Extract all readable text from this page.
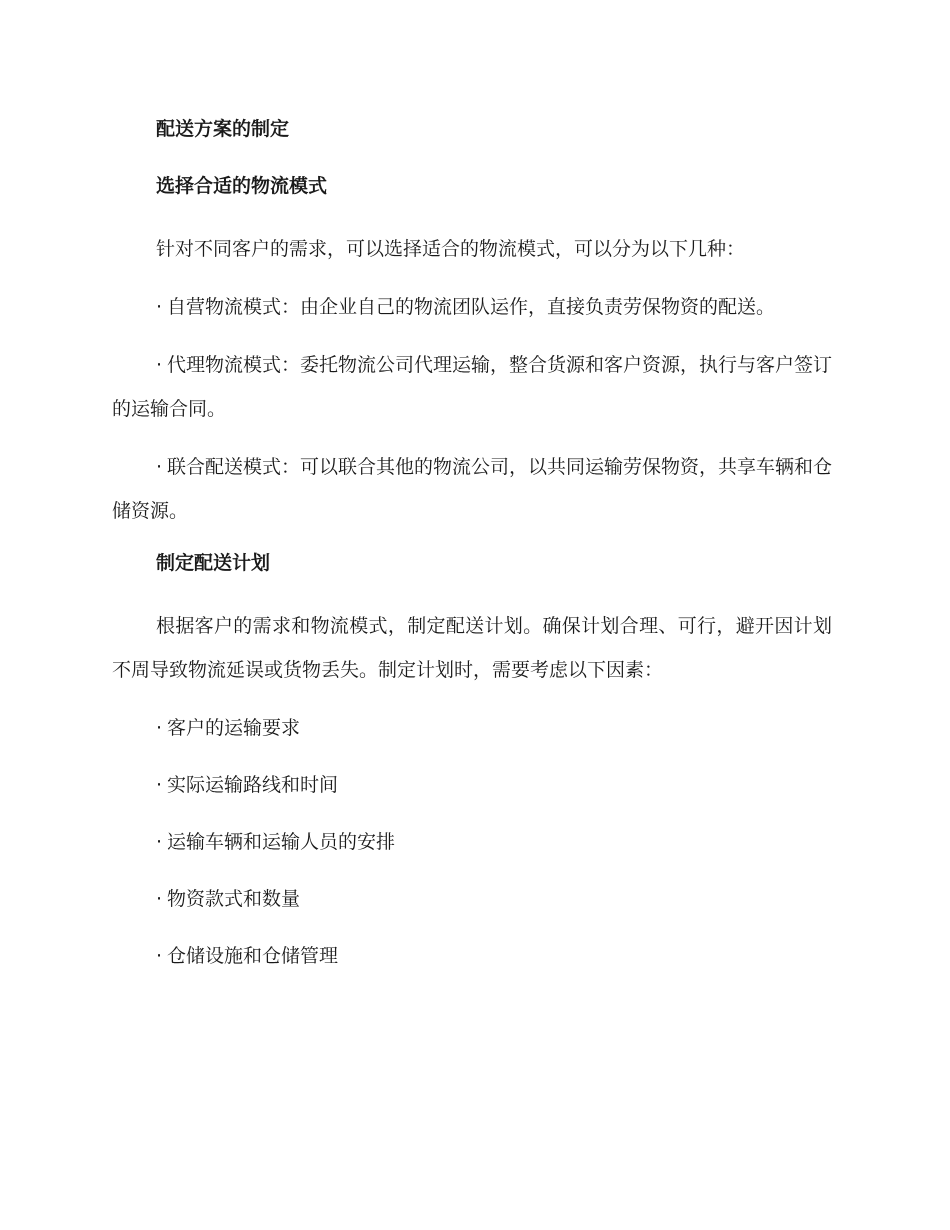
配送方案的制定
选择合适的物流模式

针对不同客户的需求，可以选择适合的物流模式，可以分为以下几种：

· 自营物流模式：由企业自己的物流团队运作，直接负责劳保物资的配送。
· 代理物流模式：委托物流公司代理运输，整合货源和客户资源，执行与客户签订的运输合同。
· 联合配送模式：可以联合其他的物流公司，以共同运输劳保物资，共享车辆和仓储资源。
制定配送计划

根据客户的需求和物流模式，制定配送计划。确保计划合理、可行，避开因计划不周导致物流延误或货物丢失。制定计划时，需要考虑以下因素：

· 客户的运输要求
· 实际运输路线和时间
· 运输车辆和运输人员的安排
· 物资款式和数量
· 仓储设施和仓储管理
